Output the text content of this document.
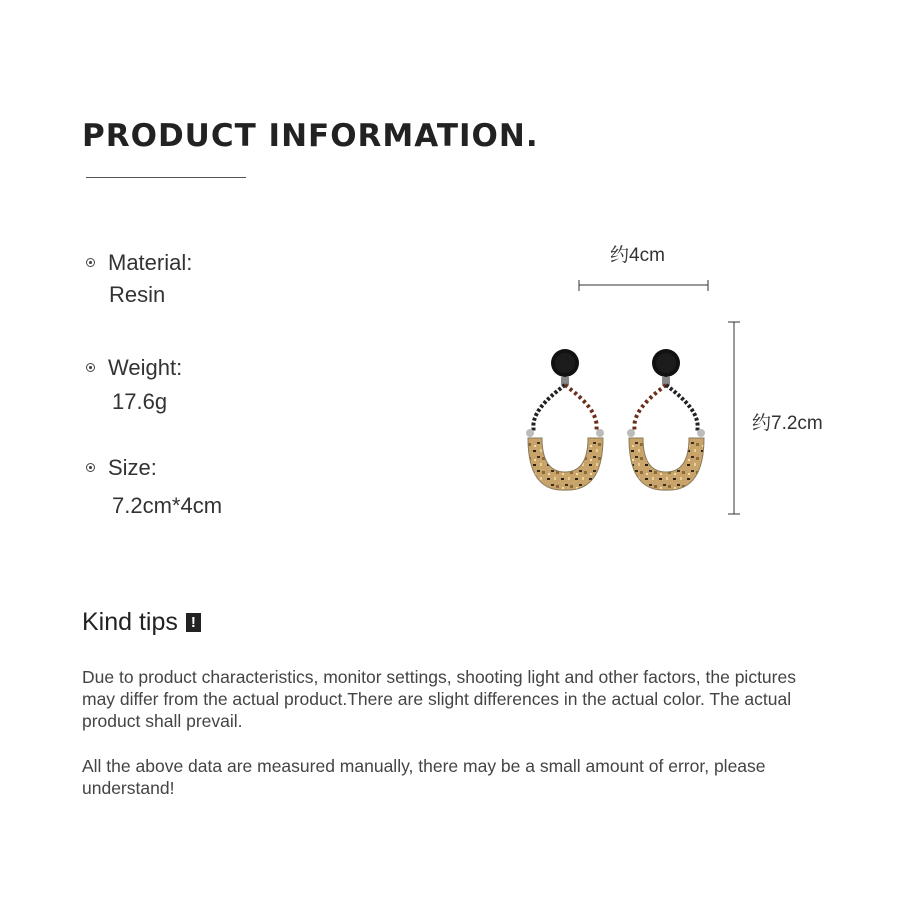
PRODUCT INFORMATION.
Material:
Resin
Weight:
17.6g
Size:
7.2cm*4cm
约4cm
约7.2cm
Kind tips !
Due to product characteristics, monitor settings, shooting light and other factors, the pictures may differ from the actual product.There are slight differences in the actual color. The actual product shall prevail.
All the above data are measured manually, there may be a small amount of error, please understand!
